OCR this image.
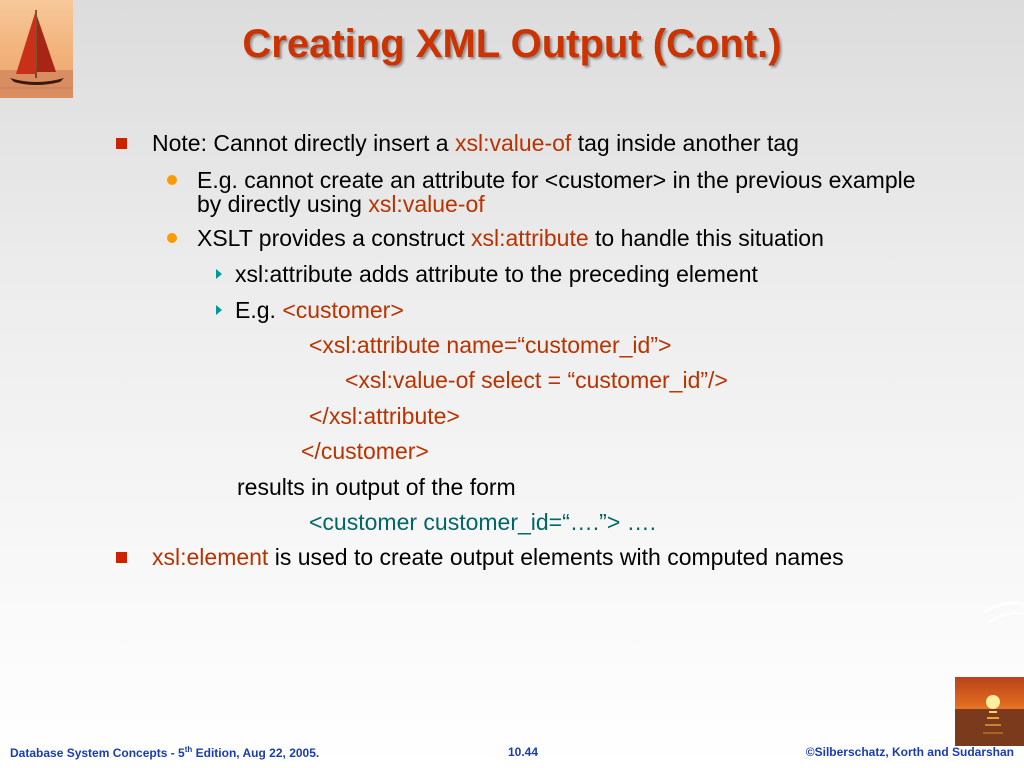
Creating XML Output (Cont.)
Note: Cannot directly insert a xsl:value-of tag inside another tag
E.g. cannot create an attribute for <customer> in the previous example
by directly using xsl:value-of
XSLT provides a construct xsl:attribute to handle this situation
xsl:attribute adds attribute to the preceding element
E.g. <customer>
<xsl:attribute name=“customer_id”>
<xsl:value-of select = “customer_id”/>
</xsl:attribute>
</customer>
results in output of the form
<customer customer_id=“….”> ….
xsl:element is used to create output elements with computed names
Database System Concepts - 5th Edition, Aug 22, 2005.	10.44	©Silberschatz, Korth and Sudarshan
